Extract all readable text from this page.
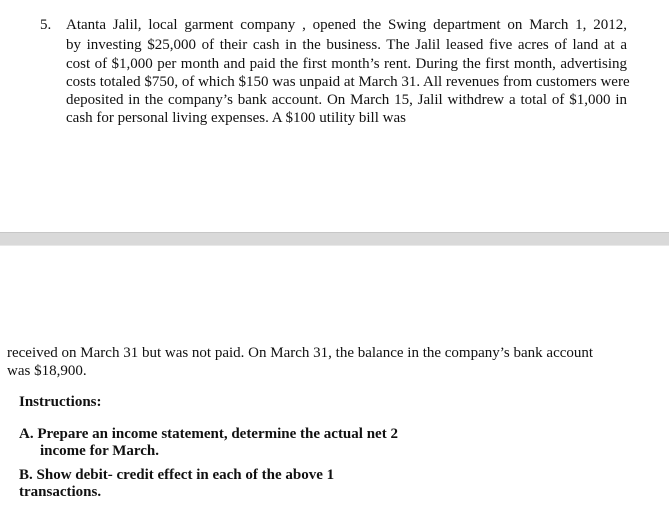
5. Atanta Jalil, local garment company , opened the Swing department on March 1, 2012,
by investing $25,000 of their cash in the business. The Jalil leased five acres of land at a
cost of $1,000 per month and paid the first month’s rent. During the first month, advertising
costs totaled $750, of which $150 was unpaid at March 31. All revenues from customers were
deposited in the company’s bank account. On March 15, Jalil withdrew a total of $1,000 in
cash for personal living expenses. A $100 utility bill was
received on March 31 but was not paid. On March 31, the balance in the company’s bank account
was $18,900.
Instructions:
A. Prepare an income statement, determine the actual net 2
income for March.
B. Show debit- credit effect in each of the above 1
transactions.
